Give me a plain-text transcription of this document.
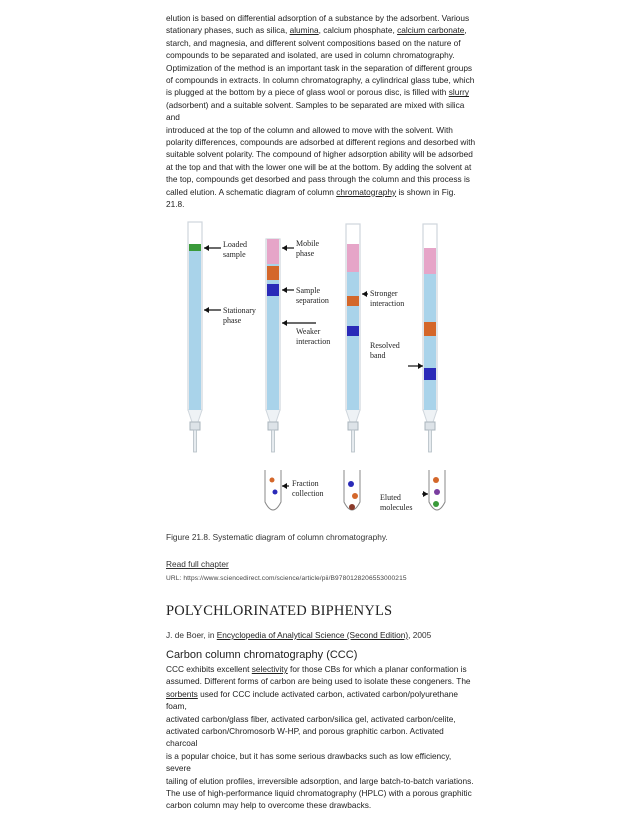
elution is based on differential adsorption of a substance by the adsorbent. Various
stationary phases, such as silica, alumina, calcium phosphate, calcium carbonate,
starch, and magnesia, and different solvent compositions based on the nature of
compounds to be separated and isolated, are used in column chromatography.
Optimization of the method is an important task in the separation of different groups
of compounds in extracts. In column chromatography, a cylindrical glass tube, which
is plugged at the bottom by a piece of glass wool or porous disc, is filled with slurry
(adsorbent) and a suitable solvent. Samples to be separated are mixed with silica and
introduced at the top of the column and allowed to move with the solvent. With
polarity differences, compounds are adsorbed at different regions and desorbed with
suitable solvent polarity. The compound of higher adsorption ability will be adsorbed
at the top and that with the lower one will be at the bottom. By adding the solvent at
the top, compounds get desorbed and pass through the column and this process is
called elution. A schematic diagram of column chromatography is shown in Fig. 21.8.
Loaded sample
Stationary phase
Mobile phase
Sample separation
Weaker interaction
Stronger interaction
Resolved band
Fraction collection	Eluted molecules
Figure 21.8. Systematic diagram of column chromatography.
Read full chapter
URL: https://www.sciencedirect.com/science/article/pii/B9780128206553000215
POLYCHLORINATED BIPHENYLS
J. de Boer, in Encyclopedia of Analytical Science (Second Edition), 2005
Carbon column chromatography (CCC)
CCC exhibits excellent selectivity for those CBs for which a planar conformation is
assumed. Different forms of carbon are being used to isolate these congeners. The
sorbents used for CCC include activated carbon, activated carbon/polyurethane foam,
activated carbon/glass fiber, activated carbon/silica gel, activated carbon/celite,
activated carbon/Chromosorb W-HP, and porous graphitic carbon. Activated charcoal
is a popular choice, but it has some serious drawbacks such as low efficiency, severe
tailing of elution profiles, irreversible adsorption, and large batch-to-batch variations.
The use of high-performance liquid chromatography (HPLC) with a porous graphitic
carbon column may help to overcome these drawbacks.
